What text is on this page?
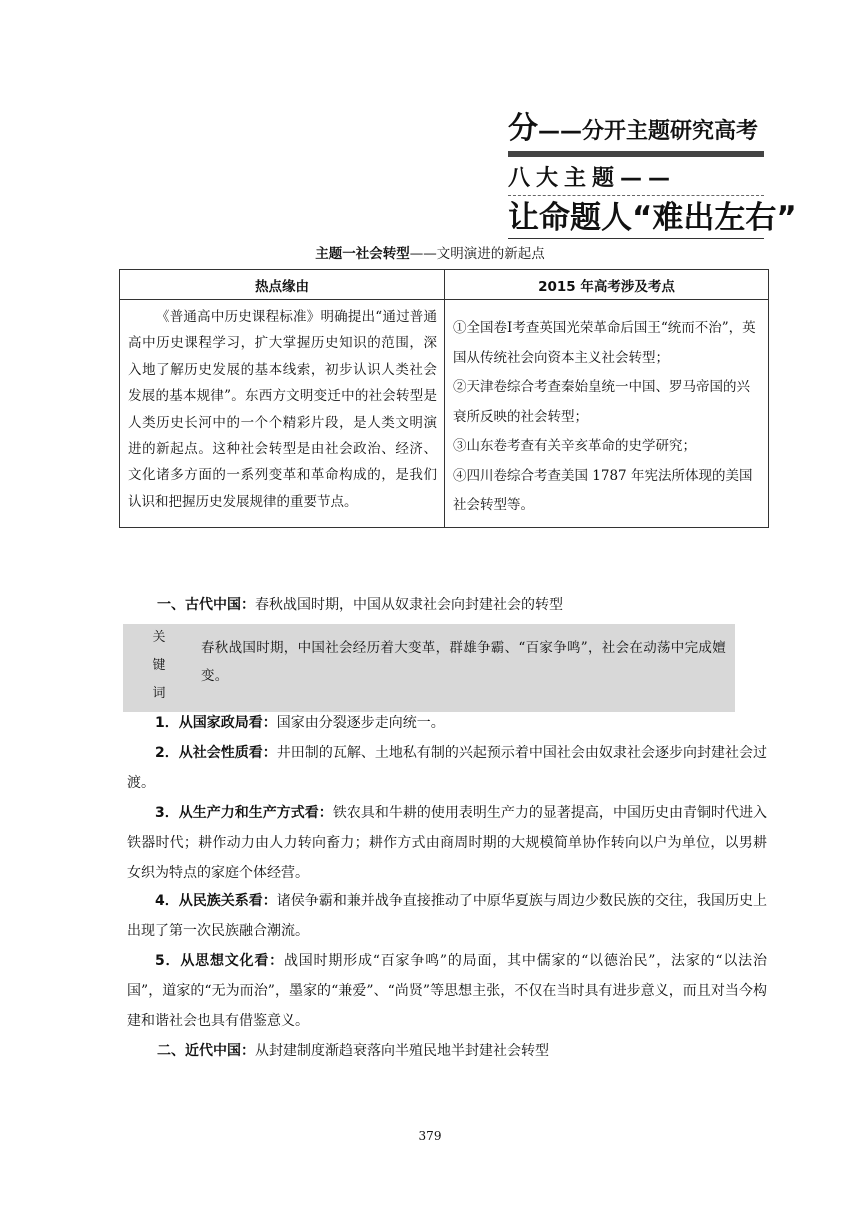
分——分开主题研究高考
八大主题——
让命题人“难出左右”
主题一社会转型——文明演进的新起点
热点缘由	2015 年高考涉及考点
《普通高中历史课程标准》明确提出“通过普通高中历史课程学习，扩大掌握历史知识的范围，深入地了解历史发展的基本线索，初步认识人类社会发展的基本规律”。东西方文明变迁中的社会转型是人类历史长河中的一个个精彩片段，是人类文明演进的新起点。这种社会转型是由社会政治、经济、文化诸多方面的一系列变革和革命构成的，是我们认识和把握历史发展规律的重要节点。	①全国卷Ⅰ考查英国光荣革命后国王“统而不治”，英国从传统社会向资本主义社会转型；
②天津卷综合考查秦始皇统一中国、罗马帝国的兴衰所反映的社会转型；
③山东卷考查有关辛亥革命的史学研究；
④四川卷综合考查美国 1787 年宪法所体现的美国社会转型等。
一、古代中国：春秋战国时期，中国从奴隶社会向封建社会的转型
关
键
词
春秋战国时期，中国社会经历着大变革，群雄争霸、“百家争鸣”，社会在动荡中完成嬗变。
1．从国家政局看：国家由分裂逐步走向统一。
2．从社会性质看：井田制的瓦解、土地私有制的兴起预示着中国社会由奴隶社会逐步向封建社会过渡。
3．从生产力和生产方式看：铁农具和牛耕的使用表明生产力的显著提高，中国历史由青铜时代进入铁器时代；耕作动力由人力转向畜力；耕作方式由商周时期的大规模简单协作转向以户为单位，以男耕女织为特点的家庭个体经营。
4．从民族关系看：诸侯争霸和兼并战争直接推动了中原华夏族与周边少数民族的交往，我国历史上出现了第一次民族融合潮流。
5．从思想文化看：战国时期形成“百家争鸣”的局面，其中儒家的“以德治民”，法家的“以法治国”，道家的“无为而治”，墨家的“兼爱”、“尚贤”等思想主张，不仅在当时具有进步意义，而且对当今构建和谐社会也具有借鉴意义。
二、近代中国：从封建制度渐趋衰落向半殖民地半封建社会转型
379
